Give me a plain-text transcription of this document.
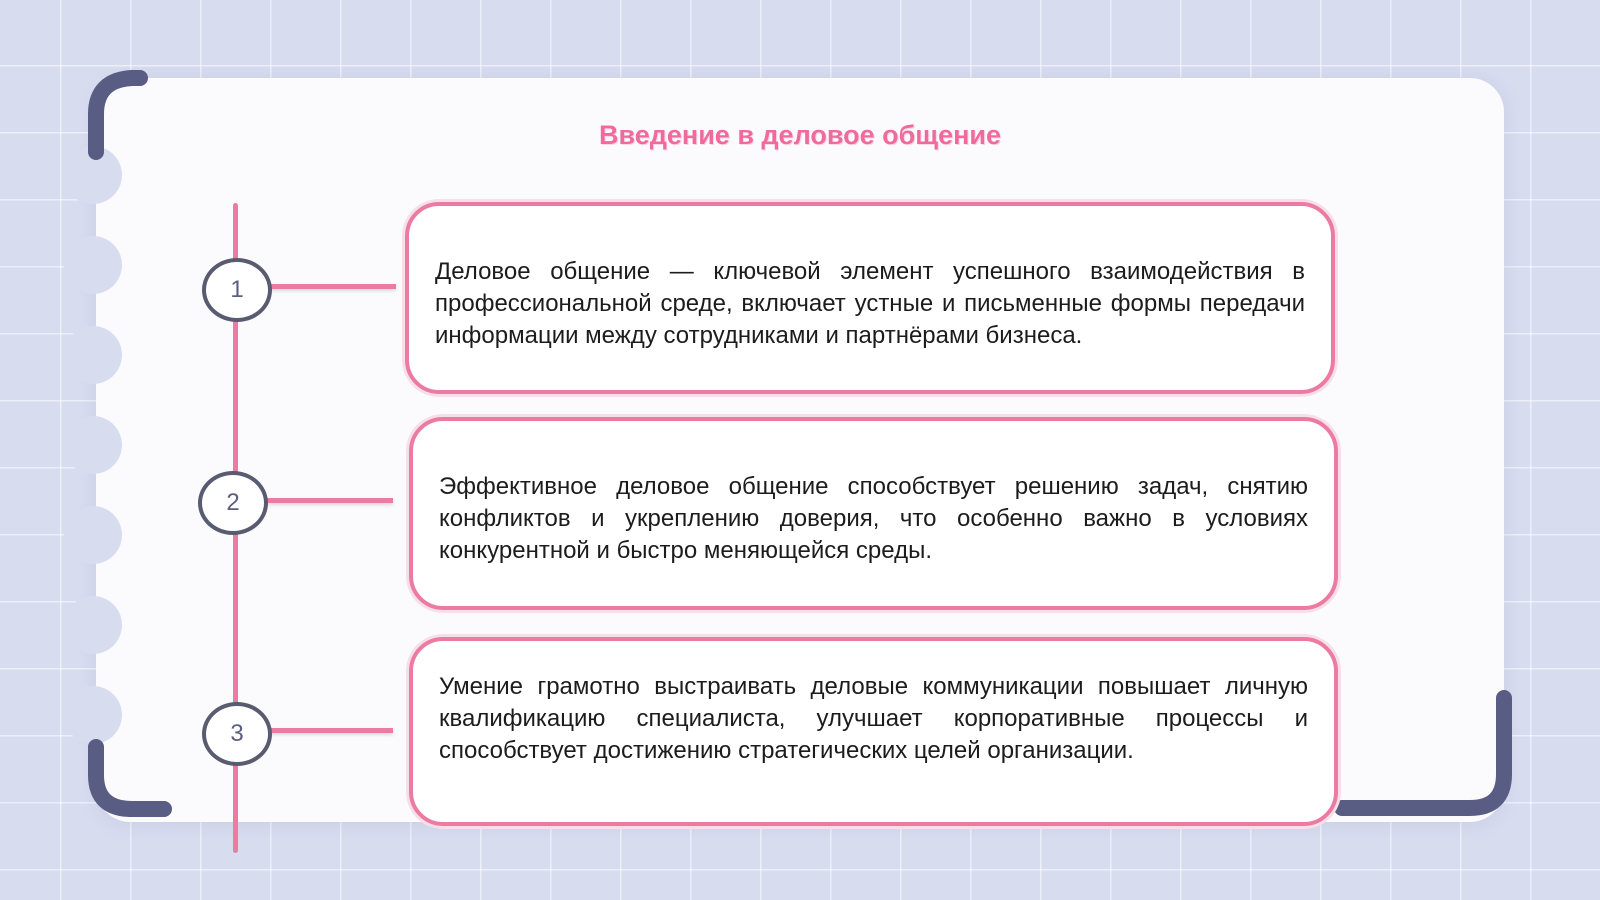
Введение в деловое общение
1
2
3

Деловое общение — ключевой элемент успешного взаимодействия в профессиональной среде, включает устные и письменные формы передачи информации между сотрудниками и партнёрами бизнеса.

Эффективное деловое общение способствует решению задач, снятию конфликтов и укреплению доверия, что особенно важно в условиях конкурентной и быстро меняющейся среды.

Умение грамотно выстраивать деловые коммуникации повышает личную квалификацию специалиста, улучшает корпоративные процессы и способствует достижению стратегических целей организации.
